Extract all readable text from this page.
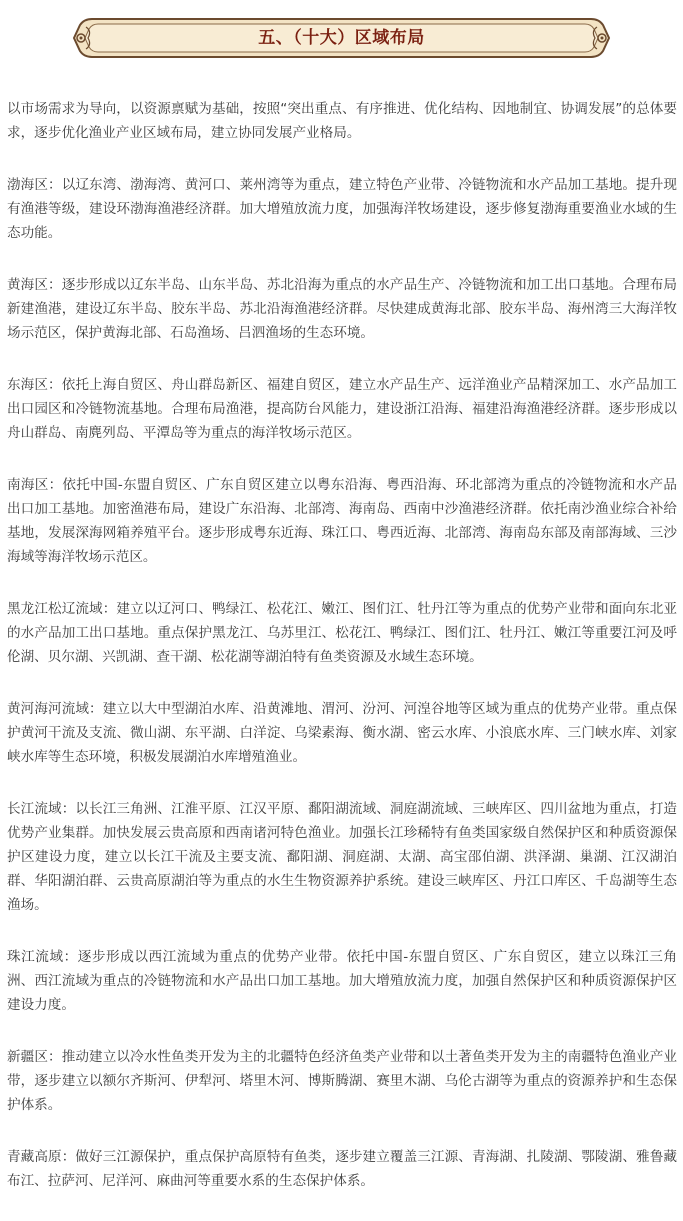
五、（十大）区域布局

以市场需求为导向，以资源禀赋为基础，按照“突出重点、有序推进、优化结构、因地制宜、协调发展”的总体要求，逐步优化渔业产业区域布局，建立协同发展产业格局。

渤海区：以辽东湾、渤海湾、黄河口、莱州湾等为重点，建立特色产业带、冷链物流和水产品加工基地。提升现有渔港等级，建设环渤海渔港经济群。加大增殖放流力度，加强海洋牧场建设，逐步修复渤海重要渔业水域的生态功能。

黄海区：逐步形成以辽东半岛、山东半岛、苏北沿海为重点的水产品生产、冷链物流和加工出口基地。合理布局新建渔港，建设辽东半岛、胶东半岛、苏北沿海渔港经济群。尽快建成黄海北部、胶东半岛、海州湾三大海洋牧场示范区，保护黄海北部、石岛渔场、吕泗渔场的生态环境。

东海区：依托上海自贸区、舟山群岛新区、福建自贸区，建立水产品生产、远洋渔业产品精深加工、水产品加工出口园区和冷链物流基地。合理布局渔港，提高防台风能力，建设浙江沿海、福建沿海渔港经济群。逐步形成以舟山群岛、南麂列岛、平潭岛等为重点的海洋牧场示范区。

南海区：依托中国-东盟自贸区、广东自贸区建立以粤东沿海、粤西沿海、环北部湾为重点的冷链物流和水产品出口加工基地。加密渔港布局，建设广东沿海、北部湾、海南岛、西南中沙渔港经济群。依托南沙渔业综合补给基地，发展深海网箱养殖平台。逐步形成粤东近海、珠江口、粤西近海、北部湾、海南岛东部及南部海域、三沙海域等海洋牧场示范区。

黑龙江松辽流域：建立以辽河口、鸭绿江、松花江、嫩江、图们江、牡丹江等为重点的优势产业带和面向东北亚的水产品加工出口基地。重点保护黑龙江、乌苏里江、松花江、鸭绿江、图们江、牡丹江、嫩江等重要江河及呼伦湖、贝尔湖、兴凯湖、查干湖、松花湖等湖泊特有鱼类资源及水域生态环境。

黄河海河流域：建立以大中型湖泊水库、沿黄滩地、渭河、汾河、河湟谷地等区域为重点的优势产业带。重点保护黄河干流及支流、微山湖、东平湖、白洋淀、乌梁素海、衡水湖、密云水库、小浪底水库、三门峡水库、刘家峡水库等生态环境，积极发展湖泊水库增殖渔业。

长江流域：以长江三角洲、江淮平原、江汉平原、鄱阳湖流域、洞庭湖流域、三峡库区、四川盆地为重点，打造优势产业集群。加快发展云贵高原和西南诸河特色渔业。加强长江珍稀特有鱼类国家级自然保护区和种质资源保护区建设力度，建立以长江干流及主要支流、鄱阳湖、洞庭湖、太湖、高宝邵伯湖、洪泽湖、巢湖、江汉湖泊群、华阳湖泊群、云贵高原湖泊等为重点的水生生物资源养护系统。建设三峡库区、丹江口库区、千岛湖等生态渔场。

珠江流域：逐步形成以西江流域为重点的优势产业带。依托中国-东盟自贸区、广东自贸区，建立以珠江三角洲、西江流域为重点的冷链物流和水产品出口加工基地。加大增殖放流力度，加强自然保护区和种质资源保护区建设力度。

新疆区：推动建立以冷水性鱼类开发为主的北疆特色经济鱼类产业带和以土著鱼类开发为主的南疆特色渔业产业带，逐步建立以额尔齐斯河、伊犁河、塔里木河、博斯腾湖、赛里木湖、乌伦古湖等为重点的资源养护和生态保护体系。

青藏高原：做好三江源保护，重点保护高原特有鱼类，逐步建立覆盖三江源、青海湖、扎陵湖、鄂陵湖、雅鲁藏布江、拉萨河、尼洋河、麻曲河等重要水系的生态保护体系。
